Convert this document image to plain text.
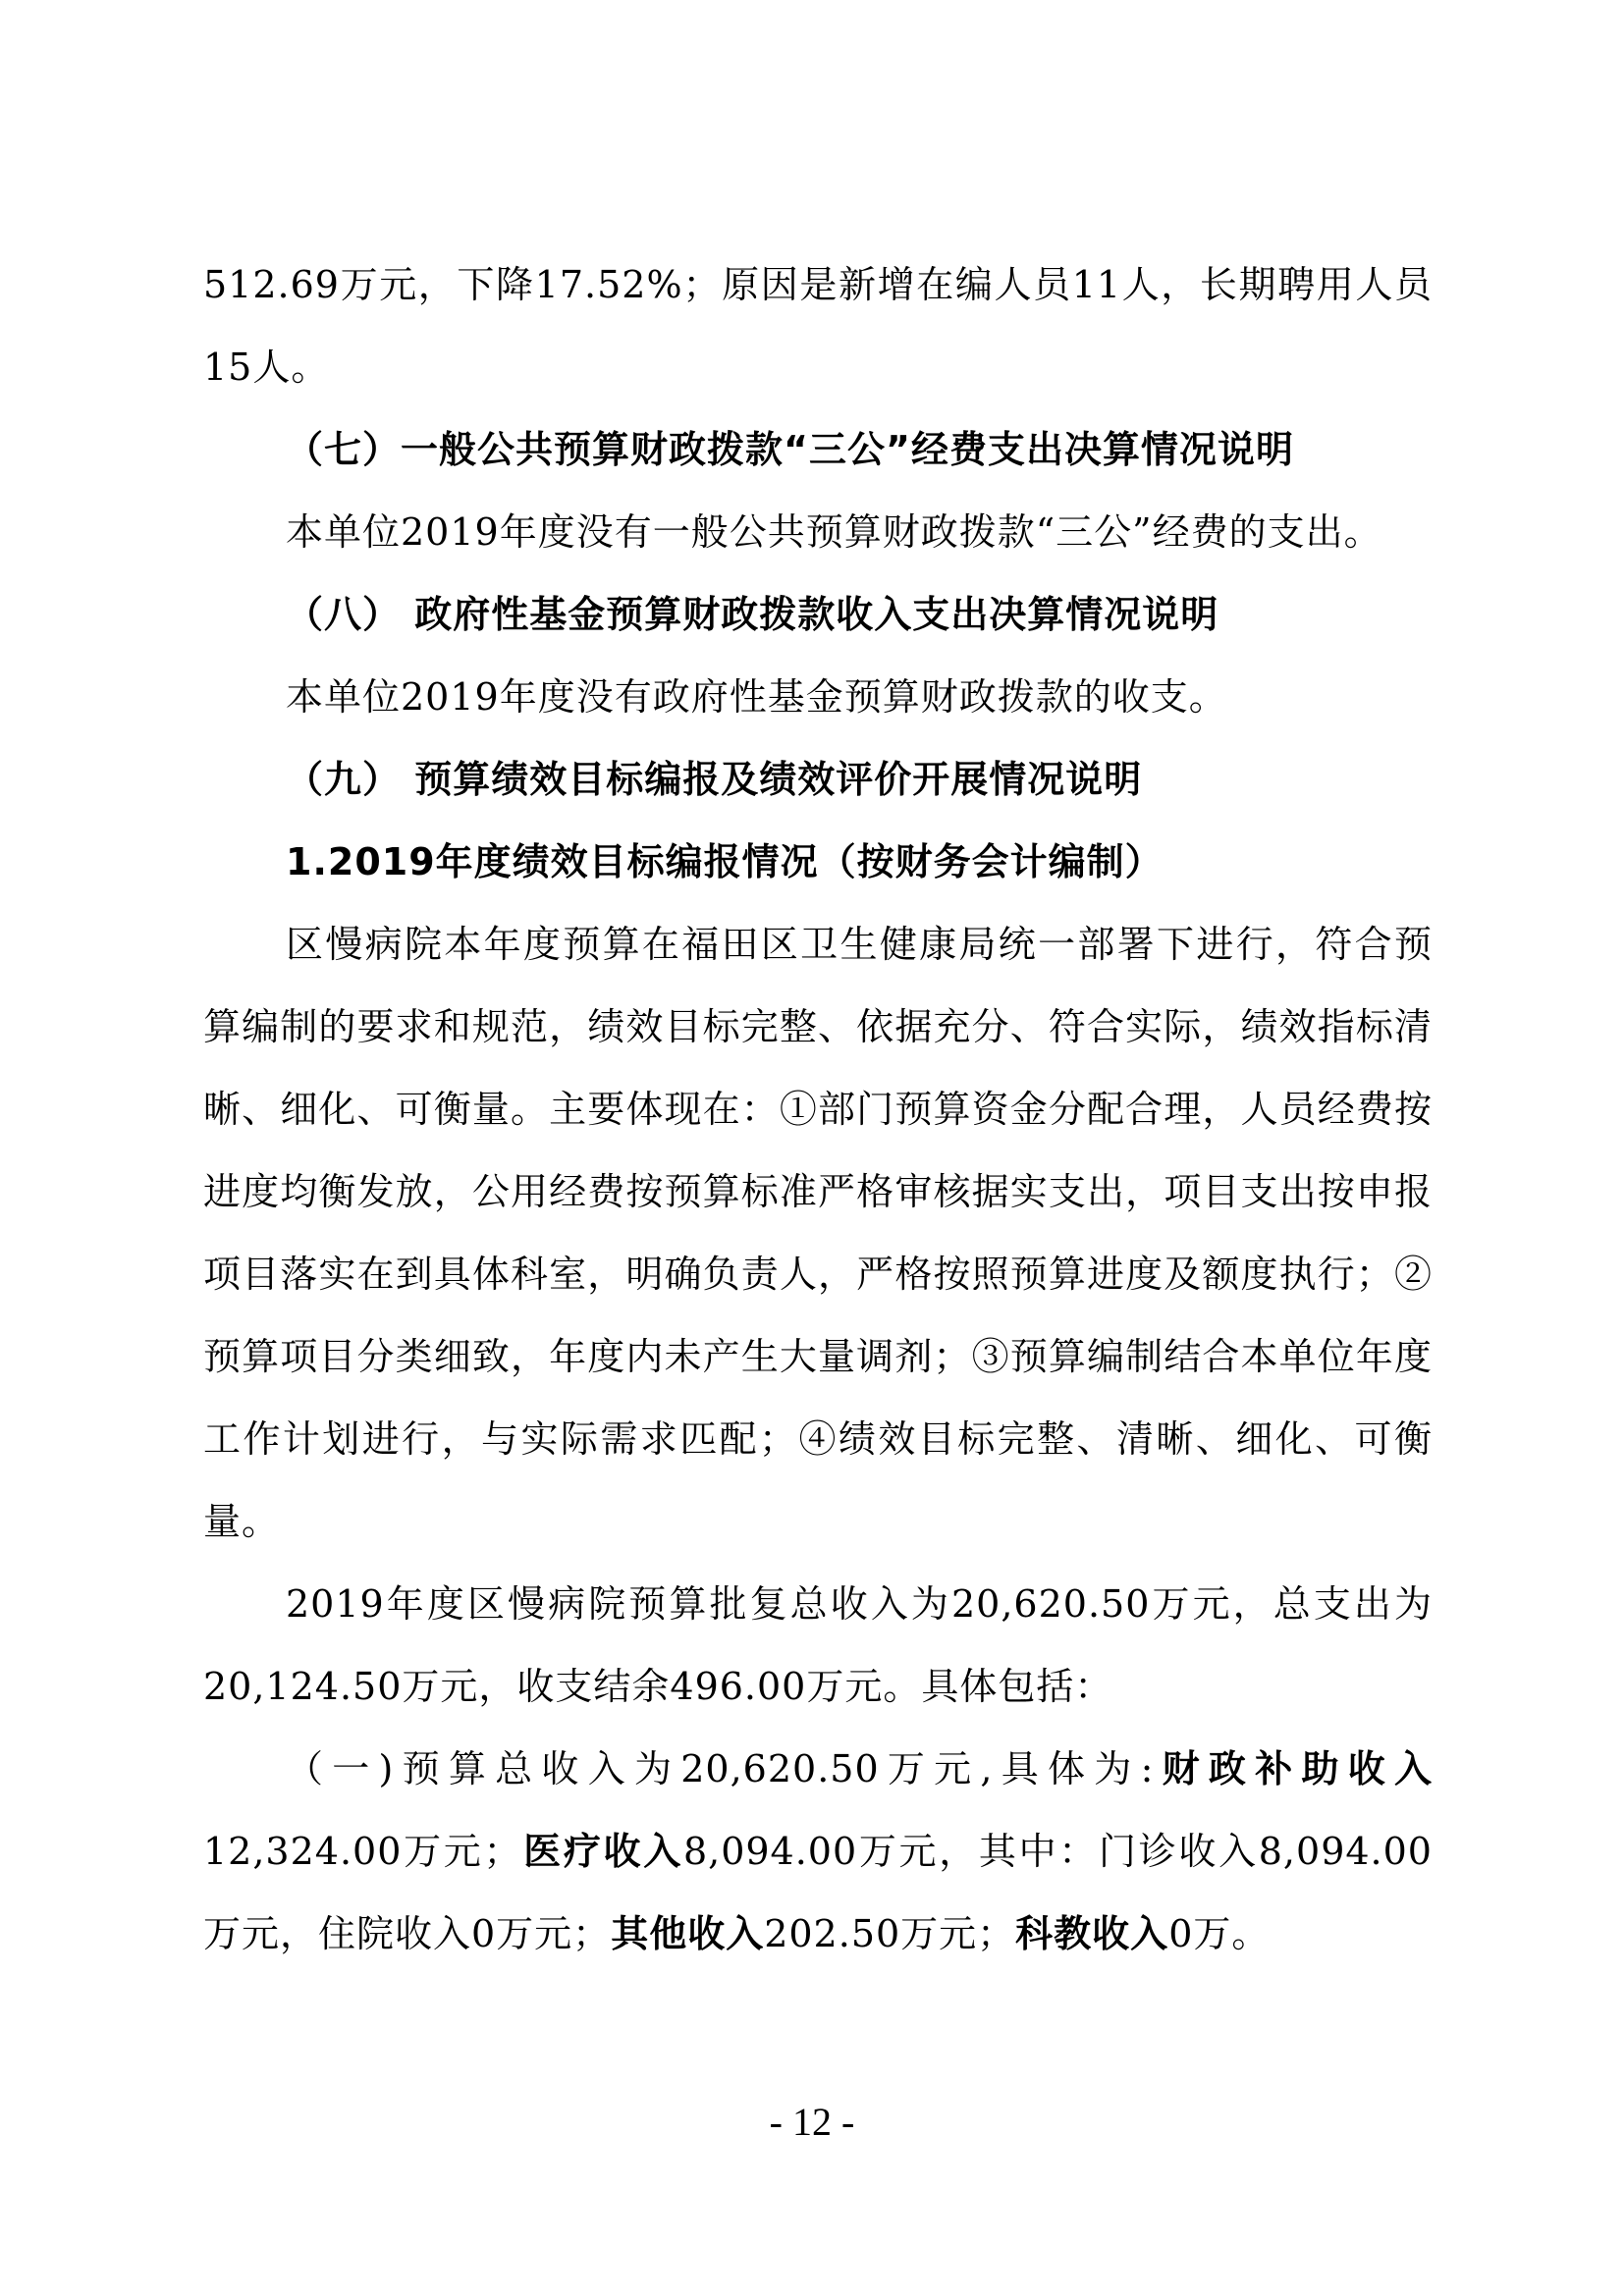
512.69万元，下降17.52%；原因是新增在编人员11人，长期聘用人员15人。

（七）一般公共预算财政拨款“三公”经费支出决算情况说明

本单位2019年度没有一般公共预算财政拨款“三公”经费的支出。

（八） 政府性基金预算财政拨款收入支出决算情况说明

本单位2019年度没有政府性基金预算财政拨款的收支。

（九） 预算绩效目标编报及绩效评价开展情况说明

1.2019年度绩效目标编报情况（按财务会计编制）

区慢病院本年度预算在福田区卫生健康局统一部署下进行，符合预算编制的要求和规范，绩效目标完整、依据充分、符合实际，绩效指标清晰、细化、可衡量。主要体现在：①部门预算资金分配合理，人员经费按进度均衡发放，公用经费按预算标准严格审核据实支出，项目支出按申报项目落实在到具体科室，明确负责人，严格按照预算进度及额度执行；②预算项目分类细致，年度内未产生大量调剂；③预算编制结合本单位年度工作计划进行，与实际需求匹配；④绩效目标完整、清晰、细化、可衡量。

2019年度区慢病院预算批复总收入为20,620.50万元，总支出为20,124.50万元，收支结余496.00万元。具体包括：

（一)预算总收入为20,620.50万元,具体为:财政补助收入12,324.00万元；医疗收入8,094.00万元，其中：门诊收入8,094.00万元，住院收入0万元；其他收入202.50万元；科教收入0万。

- 12 -
